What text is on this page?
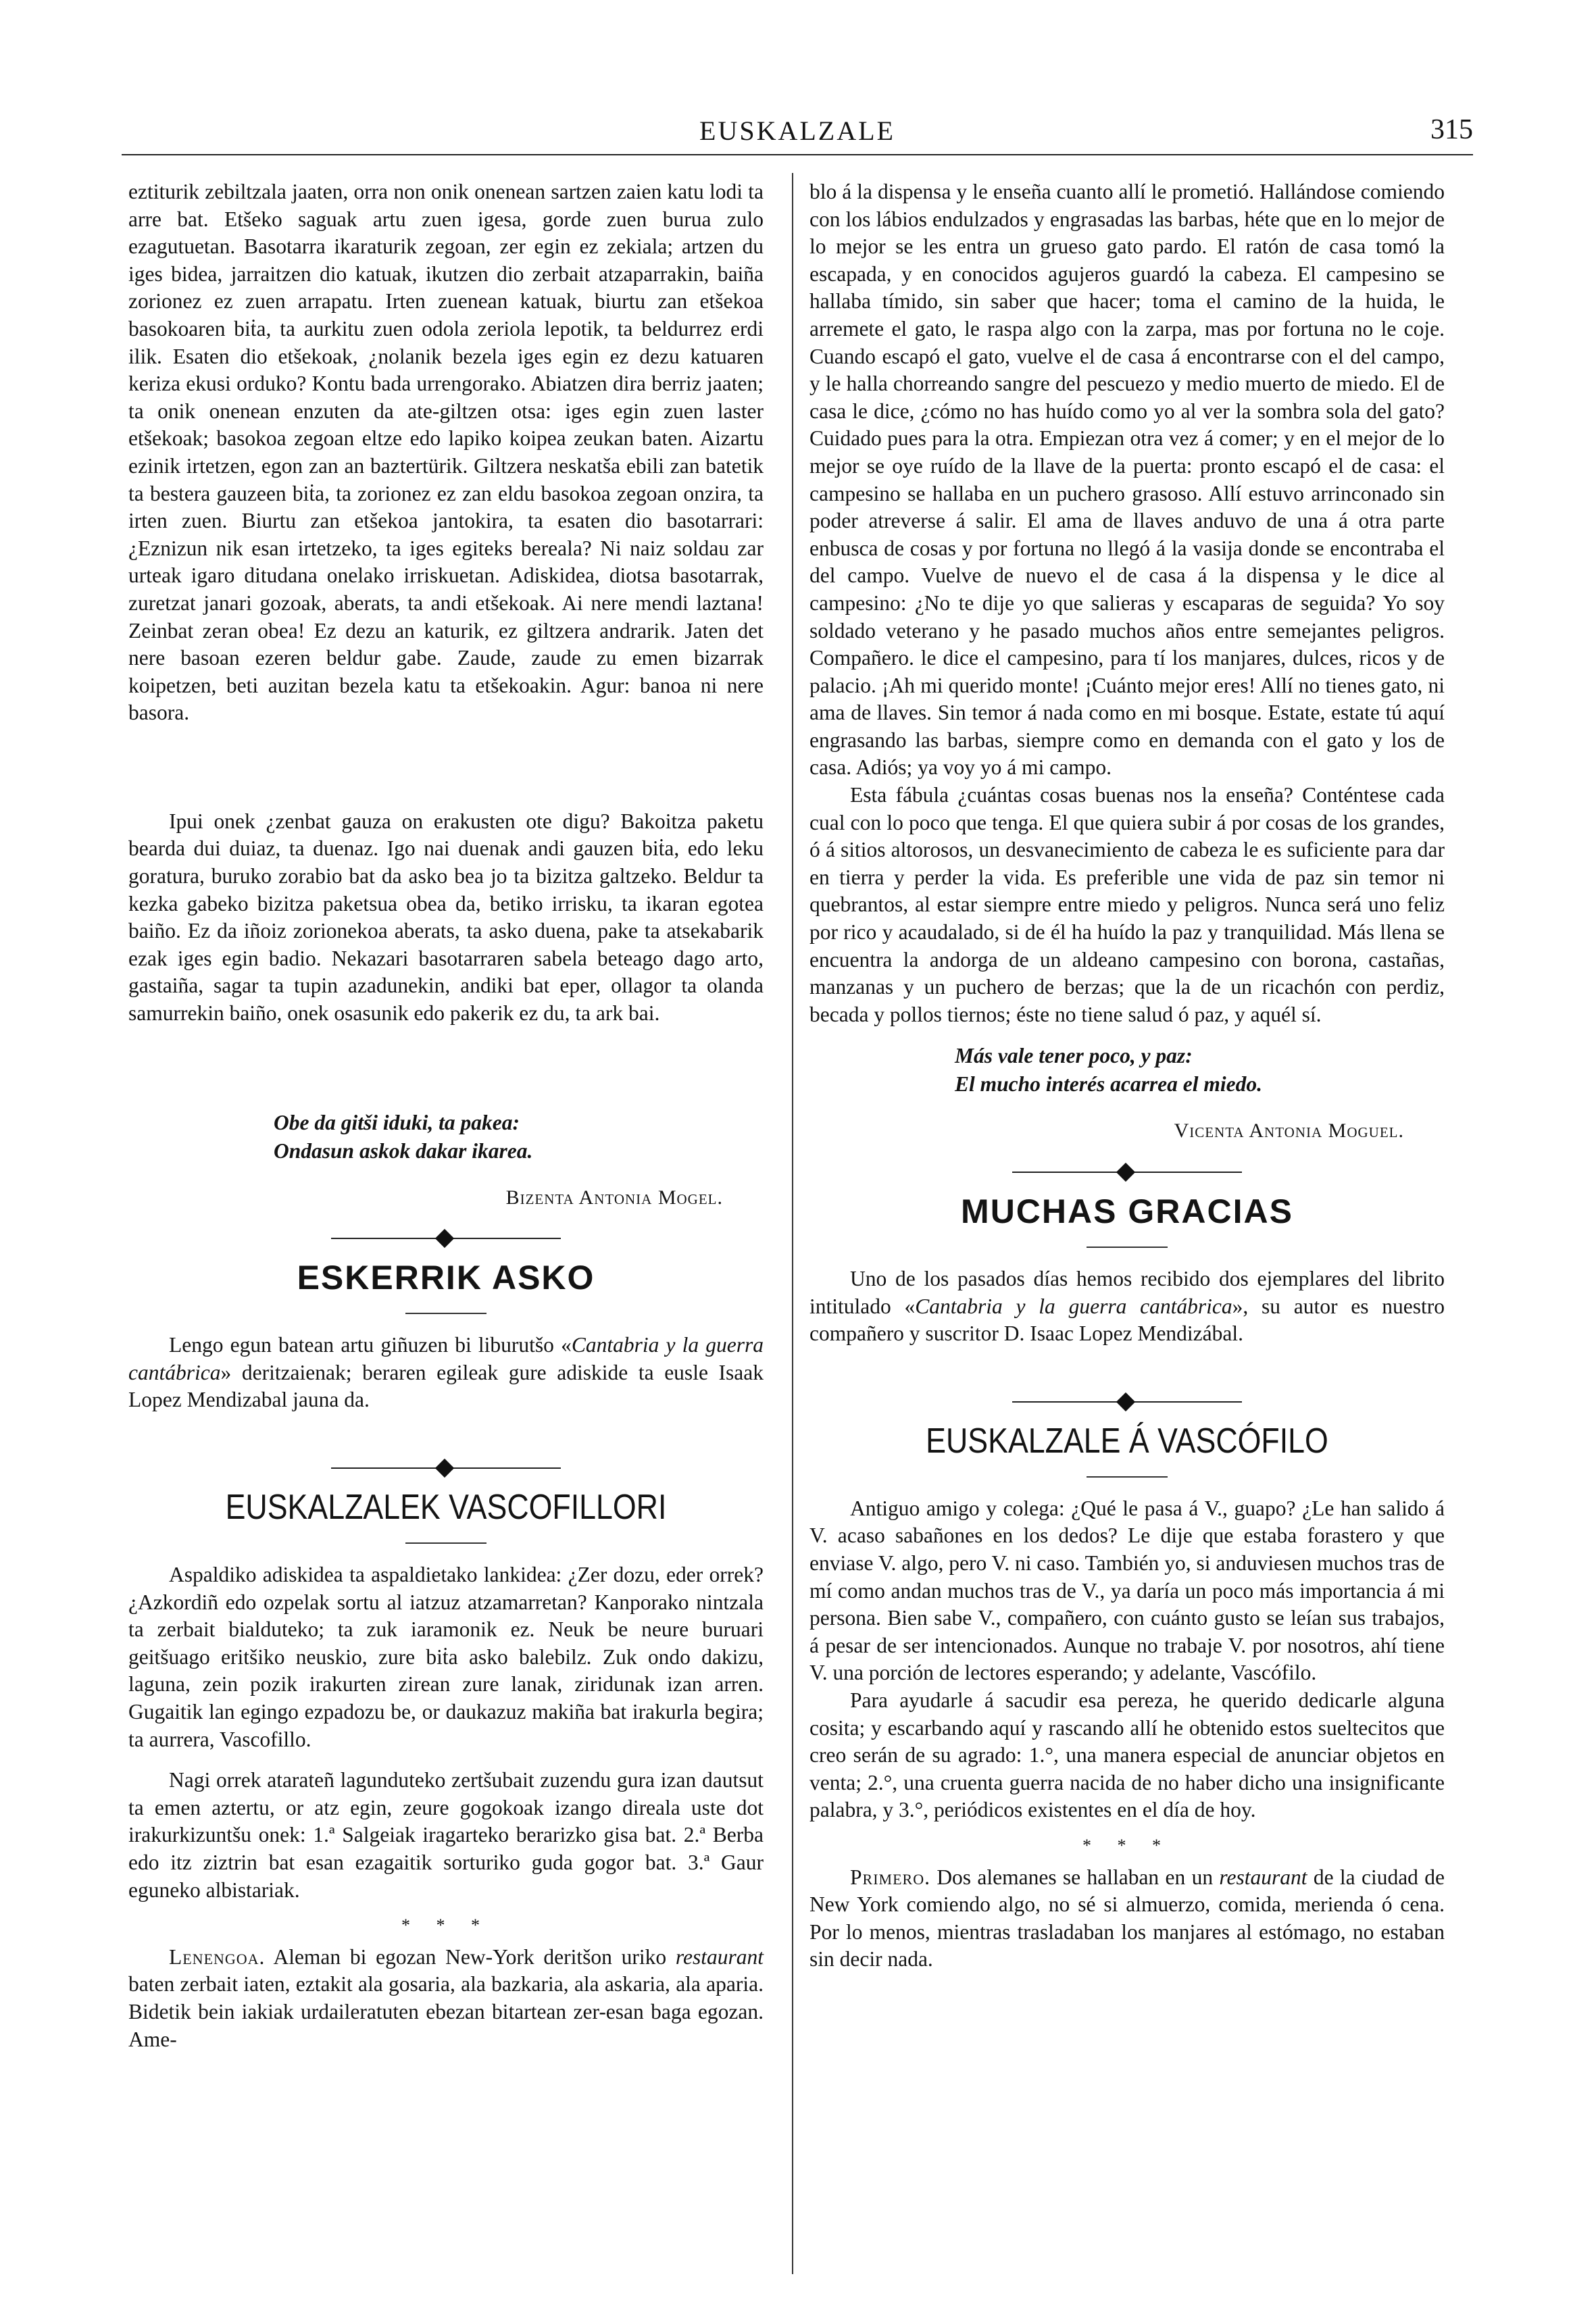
EUSKALZALE	315

eztiturik zebiltzala jaaten, orra non onik onenean sartzen zaien katu lodi ta arre bat. Etšeko saguak artu zuen igesa, gorde zuen burua zulo ezagutuetan. Basotarra ikaraturik zegoan, zer egin ez zekiala; artzen du iges bidea, jarraitzen dio katuak, ikutzen dio zerbait atzaparrakin, baiña zorionez ez zuen arrapatu. Irten zuenean katuak, biurtu zan etšekoa basokoaren biṫa, ta aurkitu zuen odola zeriola lepotik, ta beldurrez erdi ilik. Esaten dio etšekoak, ¿nolanik bezela iges egin ez dezu katuaren keriza ekusi orduko? Kontu bada urrengorako. Abiatzen dira berriz jaaten; ta onik onenean enzuten da ate-giltzen otsa: iges egin zuen laster etšekoak; basokoa zegoan eltze edo lapiko koipea zeukan baten. Aizartu ezinik irtetzen, egon zan an baztertürik. Giltzera neskatša ebili zan batetik ta bestera gauzeen biṫa, ta zorionez ez zan eldu basokoa zegoan onzira, ta irten zuen. Biurtu zan etšekoa jantokira, ta esaten dio basotarrari: ¿Eznizun nik esan irtetzeko, ta iges egiteks bereala? Ni naiz soldau zar urteak igaro ditudana onelako irriskuetan. Adiskidea, diotsa basotarrak, zuretzat janari gozoak, aberats, ta andi etšekoak. Ai nere mendi laztana! Zeinbat zeran obea! Ez dezu an katurik, ez giltzera andrarik. Jaten det nere basoan ezeren beldur gabe. Zaude, zaude zu emen bizarrak koipetzen, beti auzitan bezela katu ta etšekoakin. Agur: banoa ni nere basora.

Ipui onek ¿zenbat gauza on erakusten ote digu? Bakoitza paketu bearda dui duiaz, ta duenaz. Igo nai duenak andi gauzen biṫa, edo leku goratura, buruko zorabio bat da asko bea jo ta bizitza galtzeko. Beldur ta kezka gabeko bizitza paketsua obea da, betiko irrisku, ta ikaran egotea baiño. Ez da iñoiz zorionekoa aberats, ta asko duena, pake ta atsekabarik ezak iges egin badio. Nekazari basotarraren sabela beteago dago arto, gastaiña, sagar ta tupin azadunekin, andiki bat eper, ollagor ta olanda samurrekin baiño, onek osasunik edo pakerik ez du, ta ark bai.

Obe da gitši iduki, ta pakea:
Ondasun askok dakar ikarea.
Bizenta Antonia Mogel.
ESKERRIK ASKO

Lengo egun batean artu giñuzen bi liburutšo «Cantabria y la guerra cantábrica» deritzaienak; beraren egileak gure adiskide ta eusle Isaak Lopez Mendizabal jauna da.

EUSKALZALEK VASCOFILLORI

Aspaldiko adiskidea ta aspaldietako lankidea: ¿Zer dozu, eder orrek? ¿Azkordiñ edo ozpelak sortu al iatzuz atzamarretan? Kanporako nintzala ta zerbait bialduteko; ta zuk iaramonik ez. Neuk be neure buruari geitšuago eritšiko neuskio, zure biṫa asko balebilz. Zuk ondo dakizu, laguna, zein pozik irakurten zirean zure lanak, ziridunak izan arren. Gugaitik lan egingo ezpadozu be, or daukazuz makiña bat irakurla begira; ta aurrera, Vascofillo.

Nagi orrek atarateñ lagunduteko zertšubait zuzendu gura izan dautsut ta emen aztertu, or atz egin, zeure gogokoak izango direala uste dot irakurkizuntšu onek: 1.ª Salgeiak iragarteko berarizko gisa bat. 2.ª Berba edo itz ziztrin bat esan ezagaitik sorturiko guda gogor bat. 3.ª Gaur eguneko albistariak.

* * *

Lenengoa. Aleman bi egozan New-York deritšon uriko restaurant baten zerbait iaten, eztakit ala gosaria, ala bazkaria, ala askaria, ala aparia. Bidetik bein iakiak urdaileratuten ebezan bitartean zer-esan baga egozan. Ame-

blo á la dispensa y le enseña cuanto allí le prometió. Hallándose comiendo con los lábios endulzados y engrasadas las barbas, héte que en lo mejor de lo mejor se les entra un grueso gato pardo. El ratón de casa tomó la escapada, y en conocidos agujeros guardó la cabeza. El campesino se hallaba tímido, sin saber que hacer; toma el camino de la huida, le arremete el gato, le raspa algo con la zarpa, mas por fortuna no le coje. Cuando escapó el gato, vuelve el de casa á encontrarse con el del campo, y le halla chorreando sangre del pescuezo y medio muerto de miedo. El de casa le dice, ¿cómo no has huído como yo al ver la sombra sola del gato? Cuidado pues para la otra. Empiezan otra vez á comer; y en el mejor de lo mejor se oye ruído de la llave de la puerta: pronto escapó el de casa: el campesino se hallaba en un puchero grasoso. Allí estuvo arrinconado sin poder atreverse á salir. El ama de llaves anduvo de una á otra parte enbusca de cosas y por fortuna no llegó á la vasija donde se encontraba el del campo. Vuelve de nuevo el de casa á la dispensa y le dice al campesino: ¿No te dije yo que salieras y escaparas de seguida? Yo soy soldado veterano y he pasado muchos años entre semejantes peligros. Compañero. le dice el campesino, para tí los manjares, dulces, ricos y de palacio. ¡Ah mi querido monte! ¡Cuánto mejor eres! Allí no tienes gato, ni ama de llaves. Sin temor á nada como en mi bosque. Estate, estate tú aquí engrasando las barbas, siempre como en demanda con el gato y los de casa. Adiós; ya voy yo á mi campo.

Esta fábula ¿cuántas cosas buenas nos la enseña? Conténtese cada cual con lo poco que tenga. El que quiera subir á por cosas de los grandes, ó á sitios altorosos, un desvanecimiento de cabeza le es suficiente para dar en tierra y perder la vida. Es preferible une vida de paz sin temor ni quebrantos, al estar siempre entre miedo y peligros. Nunca será uno feliz por rico y acaudalado, si de él ha huído la paz y tranquilidad. Más llena se encuentra la andorga de un aldeano campesino con borona, castañas, manzanas y un puchero de berzas; que la de un ricachón con perdiz, becada y pollos tiernos; éste no tiene salud ó paz, y aquél sí.

Más vale tener poco, y paz:
El mucho interés acarrea el miedo.
Vicenta Antonia Moguel.
MUCHAS GRACIAS

Uno de los pasados días hemos recibido dos ejemplares del librito intitulado «Cantabria y la guerra cantábrica», su autor es nuestro compañero y suscritor D. Isaac Lopez Mendizábal.

EUSKALZALE Á VASCÓFILO

Antiguo amigo y colega: ¿Qué le pasa á V., guapo? ¿Le han salido á V. acaso sabañones en los dedos? Le dije que estaba forastero y que enviase V. algo, pero V. ni caso. También yo, si anduviesen muchos tras de mí como andan muchos tras de V., ya daría un poco más importancia á mi persona. Bien sabe V., compañero, con cuánto gusto se leían sus trabajos, á pesar de ser intencionados. Aunque no trabaje V. por nosotros, ahí tiene V. una porción de lectores esperando; y adelante, Vascófilo.

Para ayudarle á sacudir esa pereza, he querido dedicarle alguna cosita; y escarbando aquí y rascando allí he obtenido estos sueltecitos que creo serán de su agrado: 1.°, una manera especial de anunciar objetos en venta; 2.°, una cruenta guerra nacida de no haber dicho una insignificante palabra, y 3.°, periódicos existentes en el día de hoy.

* * *

Primero. Dos alemanes se hallaban en un restaurant de la ciudad de New York comiendo algo, no sé si almuerzo, comida, merienda ó cena. Por lo menos, mientras trasladaban los manjares al estómago, no estaban sin decir nada.
